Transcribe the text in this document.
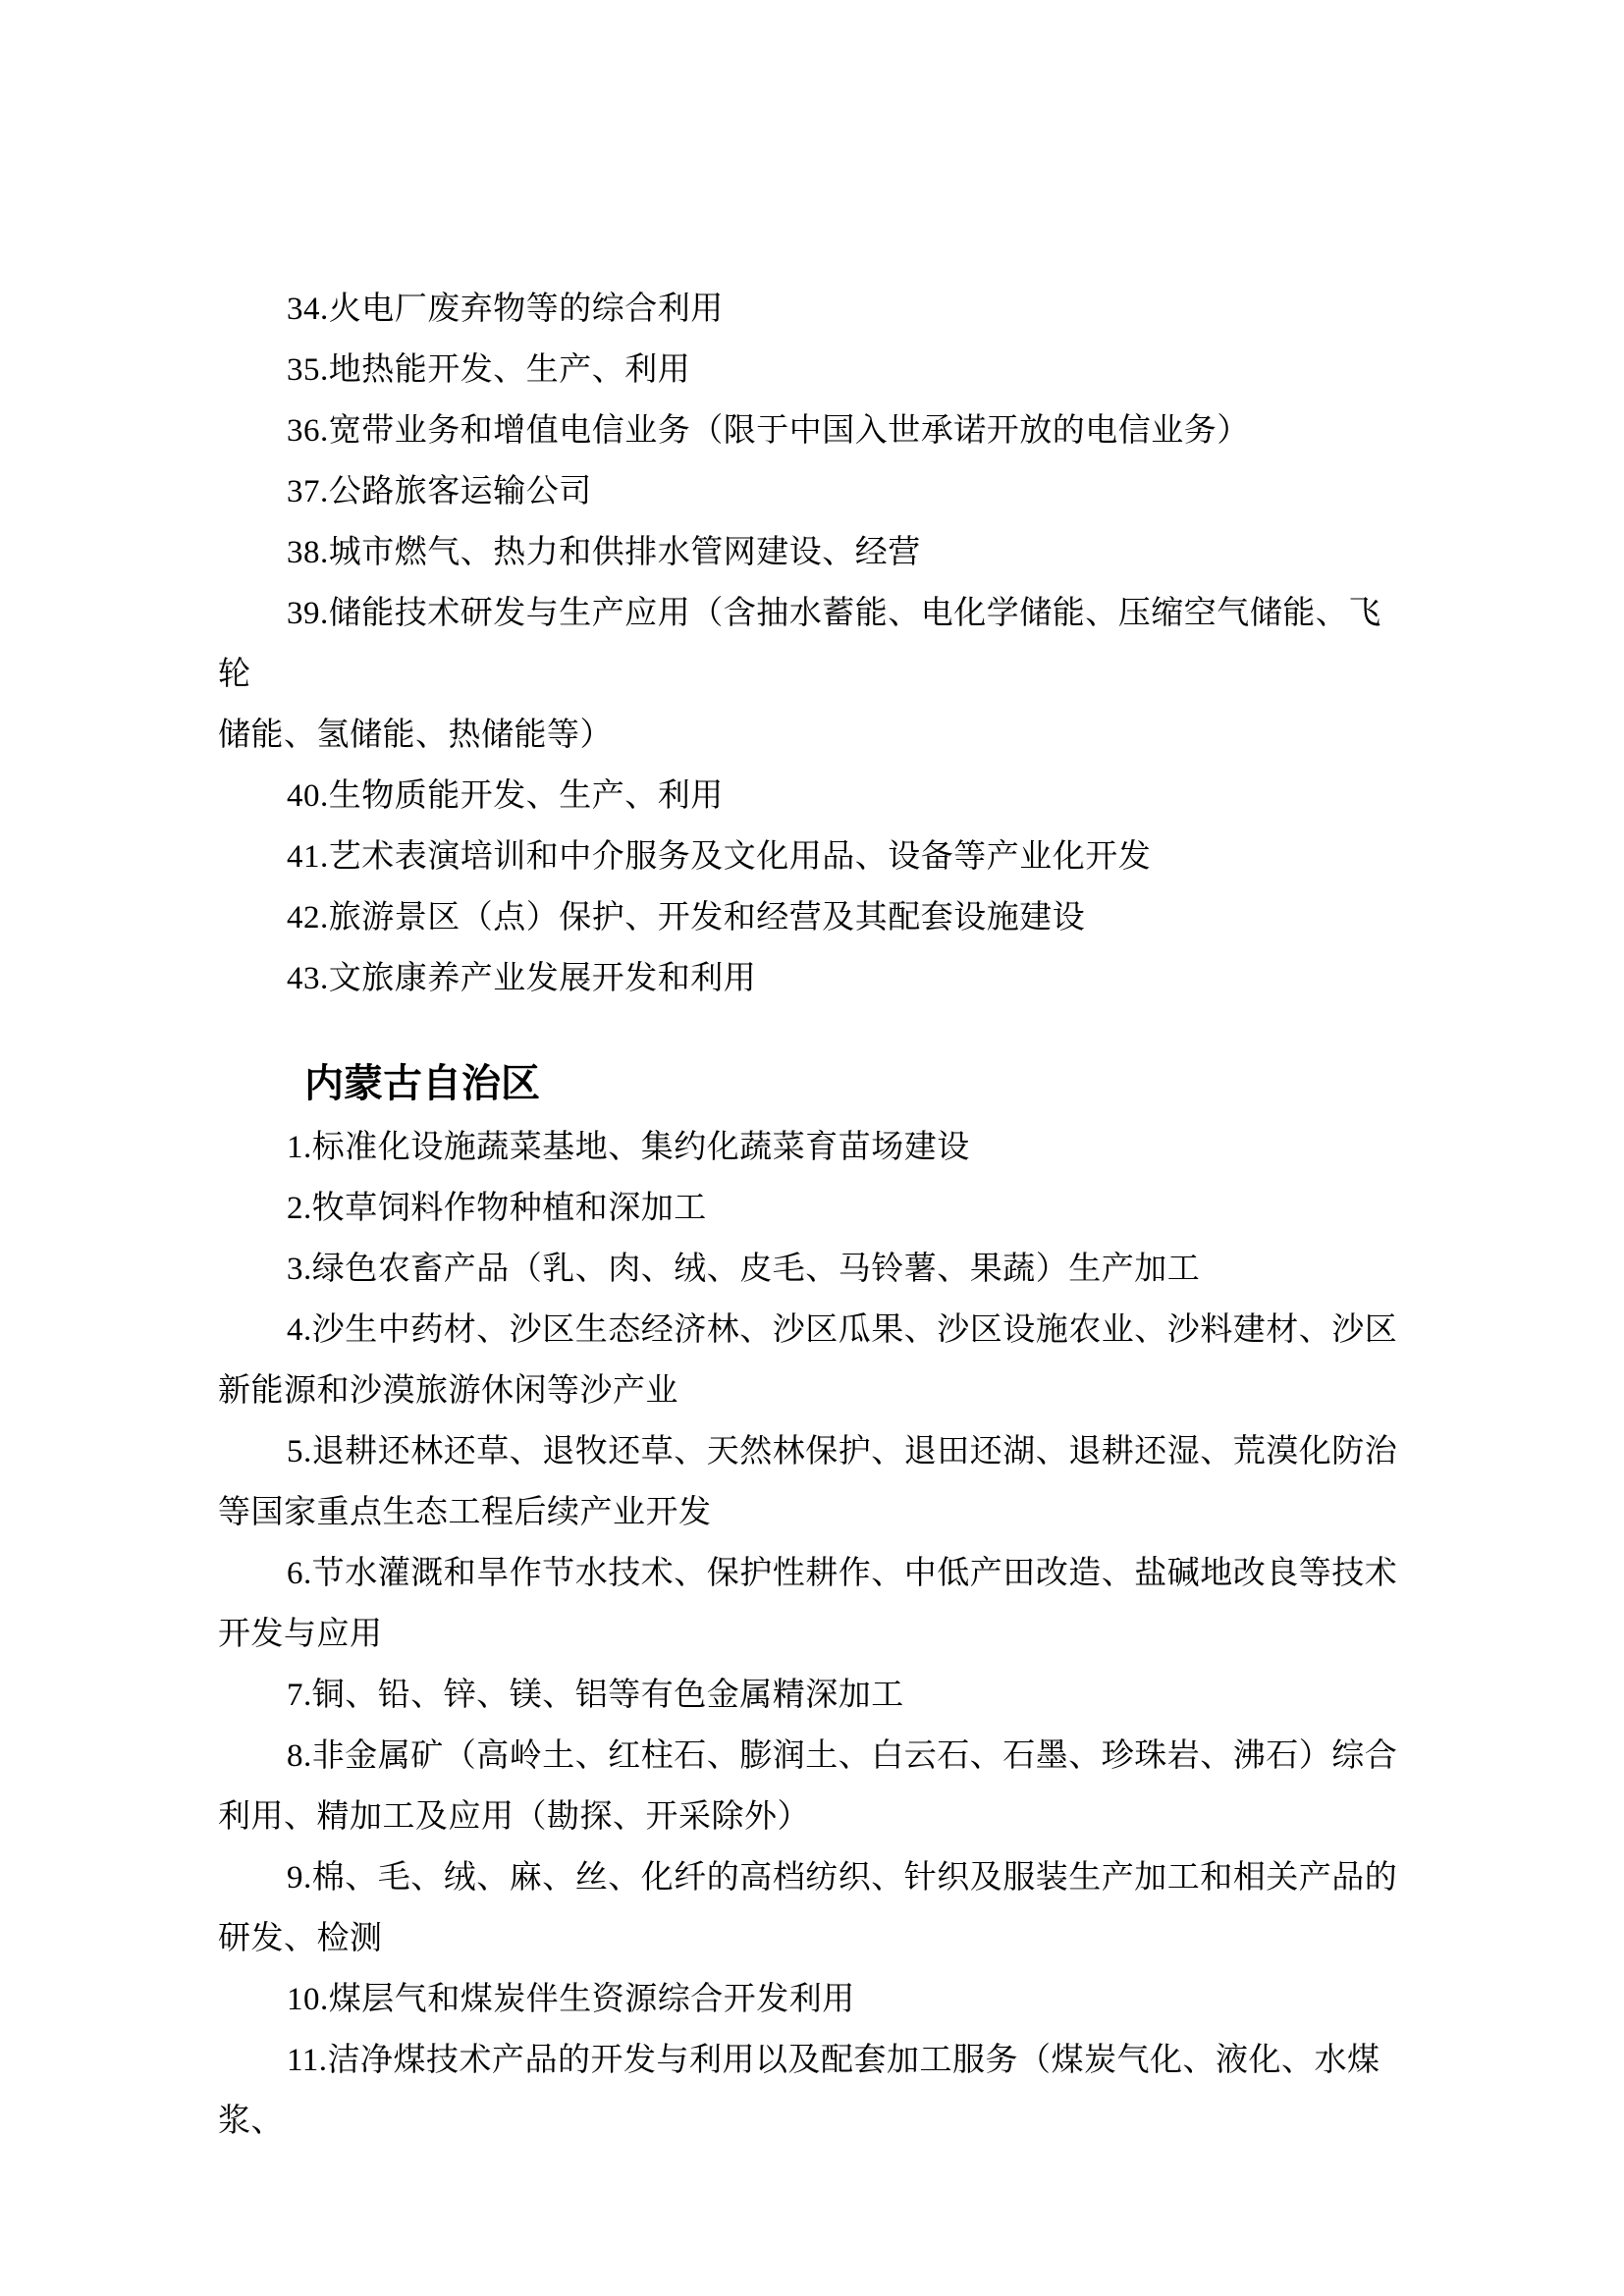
34.火电厂废弃物等的综合利用

35.地热能开发、生产、利用

36.宽带业务和增值电信业务（限于中国入世承诺开放的电信业务）

37.公路旅客运输公司

38.城市燃气、热力和供排水管网建设、经营

39.储能技术研发与生产应用（含抽水蓄能、电化学储能、压缩空气储能、飞轮
储能、氢储能、热储能等）

40.生物质能开发、生产、利用

41.艺术表演培训和中介服务及文化用品、设备等产业化开发

42.旅游景区（点）保护、开发和经营及其配套设施建设

43.文旅康养产业发展开发和利用

内蒙古自治区

1.标准化设施蔬菜基地、集约化蔬菜育苗场建设

2.牧草饲料作物种植和深加工

3.绿色农畜产品（乳、肉、绒、皮毛、马铃薯、果蔬）生产加工

4.沙生中药材、沙区生态经济林、沙区瓜果、沙区设施农业、沙料建材、沙区
新能源和沙漠旅游休闲等沙产业

5.退耕还林还草、退牧还草、天然林保护、退田还湖、退耕还湿、荒漠化防治
等国家重点生态工程后续产业开发

6.节水灌溉和旱作节水技术、保护性耕作、中低产田改造、盐碱地改良等技术
开发与应用

7.铜、铅、锌、镁、铝等有色金属精深加工

8.非金属矿（高岭土、红柱石、膨润土、白云石、石墨、珍珠岩、沸石）综合
利用、精加工及应用（勘探、开采除外）

9.棉、毛、绒、麻、丝、化纤的高档纺织、针织及服装生产加工和相关产品的
研发、检测

10.煤层气和煤炭伴生资源综合开发利用

11.洁净煤技术产品的开发与利用以及配套加工服务（煤炭气化、液化、水煤浆、
